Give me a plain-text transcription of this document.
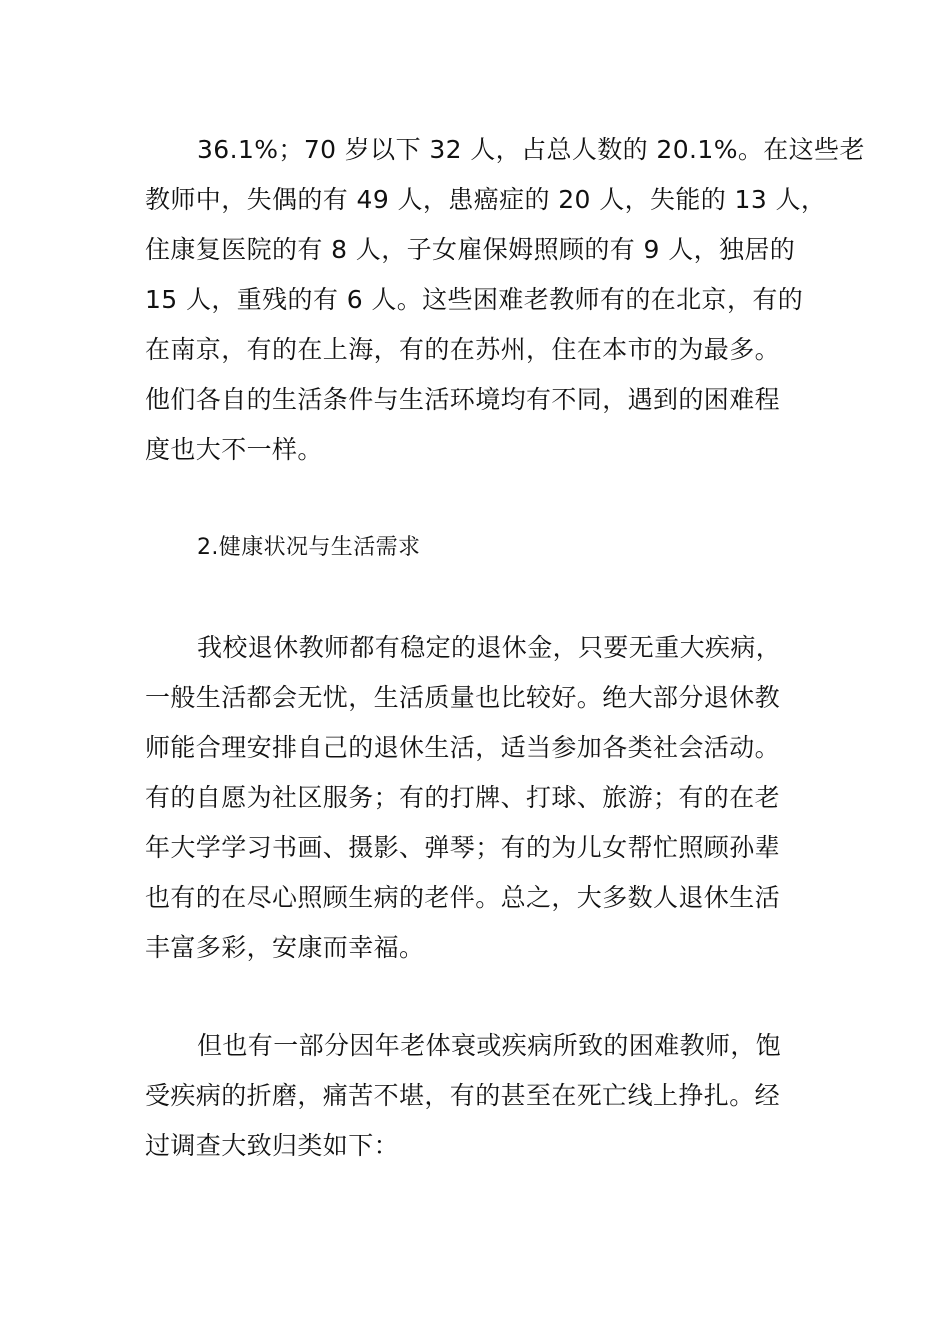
36.1%；70 岁以下 32 人，占总人数的 20.1%。在这些老
教师中，失偶的有 49 人，患癌症的 20 人，失能的 13 人，
住康复医院的有 8 人，子女雇保姆照顾的有 9 人，独居的
15 人，重残的有 6 人。这些困难老教师有的在北京，有的
在南京，有的在上海，有的在苏州，住在本市的为最多。
他们各自的生活条件与生活环境均有不同，遇到的困难程
度也大不一样。
2.健康状况与生活需求
我校退休教师都有稳定的退休金，只要无重大疾病，
一般生活都会无忧，生活质量也比较好。绝大部分退休教
师能合理安排自己的退休生活，适当参加各类社会活动。
有的自愿为社区服务；有的打牌、打球、旅游；有的在老
年大学学习书画、摄影、弹琴；有的为儿女帮忙照顾孙辈
也有的在尽心照顾生病的老伴。总之，大多数人退休生活
丰富多彩，安康而幸福。
但也有一部分因年老体衰或疾病所致的困难教师，饱
受疾病的折磨，痛苦不堪，有的甚至在死亡线上挣扎。经
过调查大致归类如下：
